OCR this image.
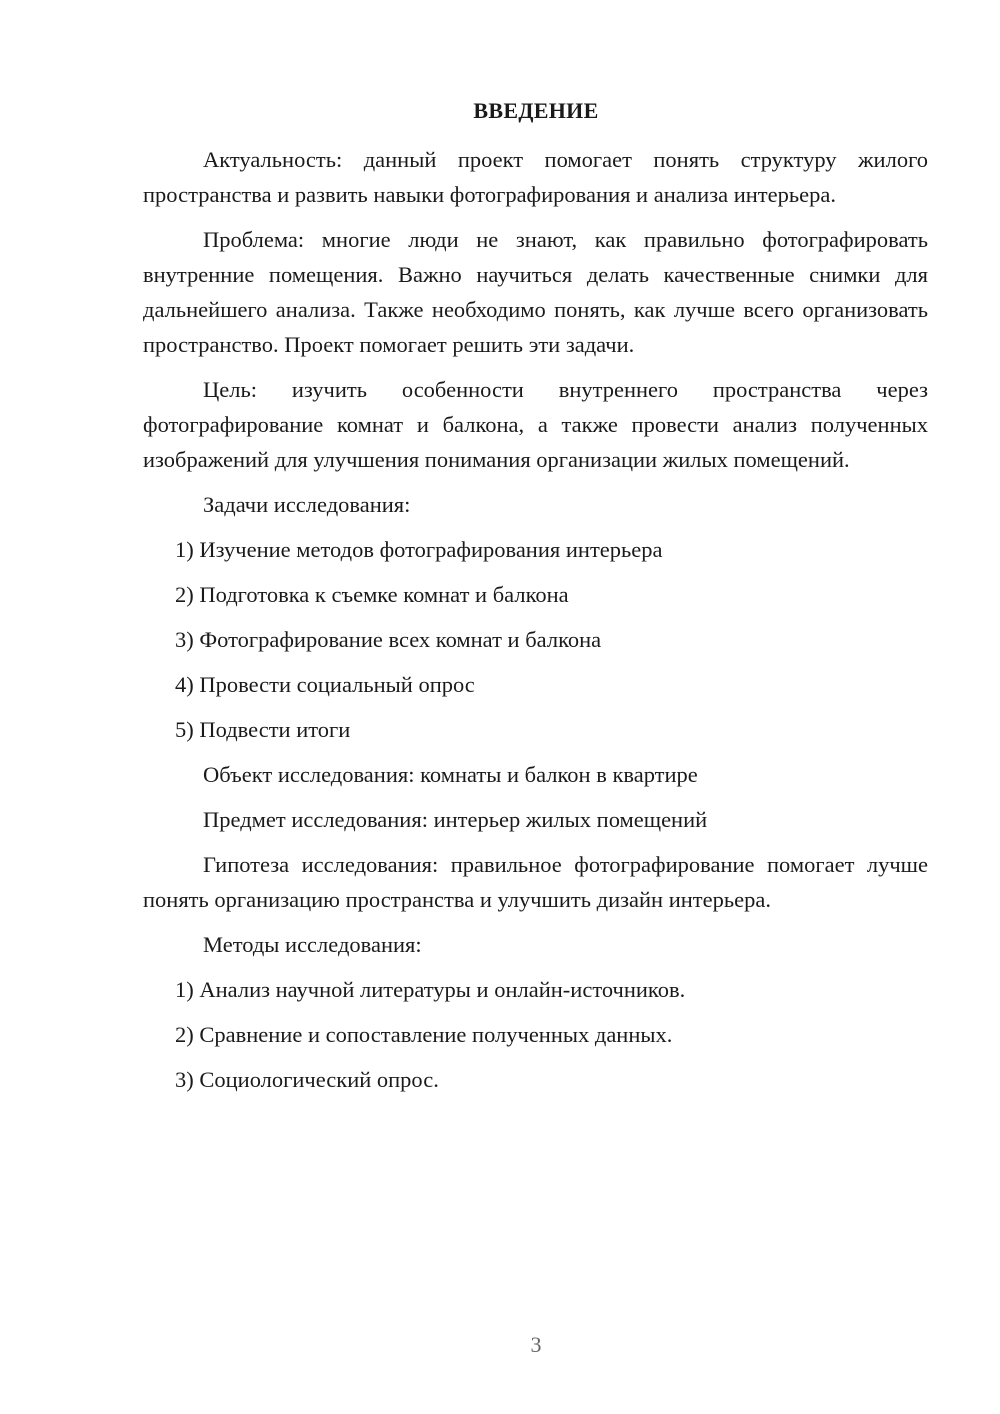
ВВЕДЕНИЕ

Актуальность: данный проект помогает понять структуру жилого пространства и развить навыки фотографирования и анализа интерьера.

Проблема: многие люди не знают, как правильно фотографировать внутренние помещения. Важно научиться делать качественные снимки для дальнейшего анализа. Также необходимо понять, как лучше всего организовать пространство. Проект помогает решить эти задачи.

Цель: изучить особенности внутреннего пространства через фотографирование комнат и балкона, а также провести анализ полученных изображений для улучшения понимания организации жилых помещений.

Задачи исследования:
1) Изучение методов фотографирования интерьера
2) Подготовка к съемке комнат и балкона
3) Фотографирование всех комнат и балкона
4) Провести социальный опрос
5) Подвести итоги
Объект исследования: комнаты и балкон в квартире
Предмет исследования: интерьер жилых помещений

Гипотеза исследования: правильное фотографирование помогает лучше понять организацию пространства и улучшить дизайн интерьера.

Методы исследования:
1) Анализ научной литературы и онлайн-источников.
2) Сравнение и сопоставление полученных данных.
3) Социологический опрос.
3
